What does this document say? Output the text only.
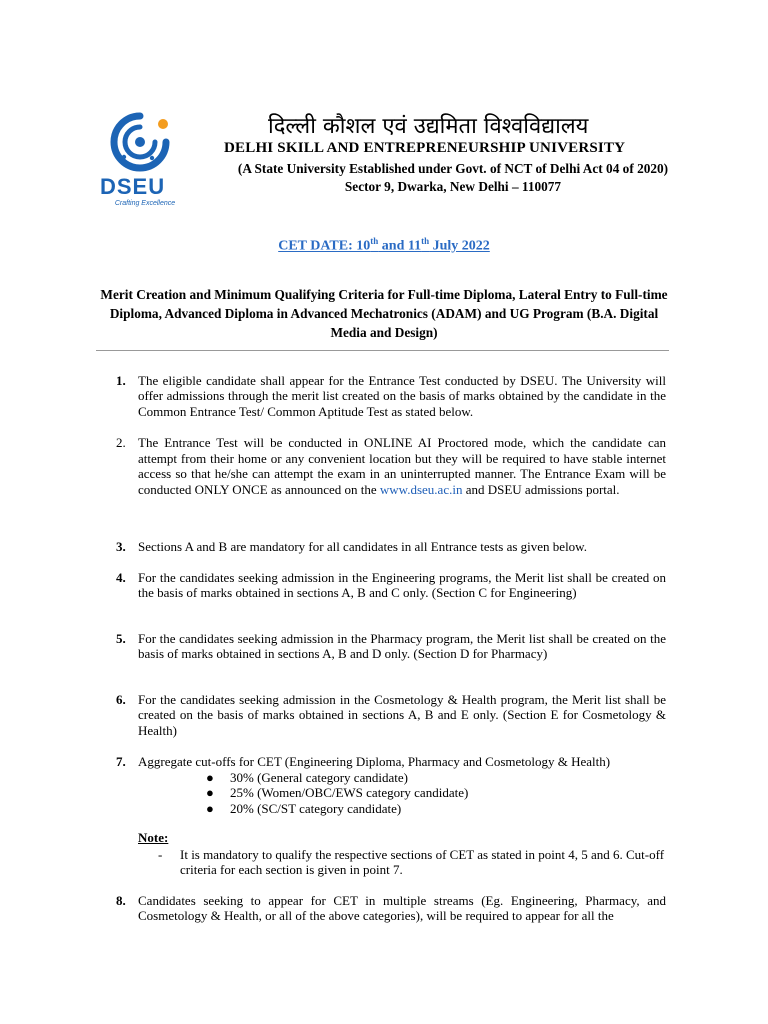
DSEU
Crafting Excellence
दिल्ली कौशल एवं उद्यमिता विश्वविद्यालय
DELHI SKILL AND ENTREPRENEURSHIP UNIVERSITY
(A State University Established under Govt. of NCT of Delhi Act 04 of 2020)
Sector 9, Dwarka, New Delhi – 110077
CET DATE: 10th and 11th July 2022
Merit Creation and Minimum Qualifying Criteria for Full-time Diploma, Lateral Entry to Full-time Diploma, Advanced Diploma in Advanced Mechatronics (ADAM) and UG Program (B.A. Digital Media and Design)
1. The eligible candidate shall appear for the Entrance Test conducted by DSEU. The University will offer admissions through the merit list created on the basis of marks obtained by the candidate in the Common Entrance Test/ Common Aptitude Test as stated below.
2. The Entrance Test will be conducted in ONLINE AI Proctored mode, which the candidate can attempt from their home or any convenient location but they will be required to have stable internet access so that he/she can attempt the exam in an uninterrupted manner. The Entrance Exam will be conducted ONLY ONCE as announced on the www.dseu.ac.in and DSEU admissions portal.
3. Sections A and B are mandatory for all candidates in all Entrance tests as given below.
4. For the candidates seeking admission in the Engineering programs, the Merit list shall be created on the basis of marks obtained in sections A, B and C only. (Section C for Engineering)
5. For the candidates seeking admission in the Pharmacy program, the Merit list shall be created on the basis of marks obtained in sections A, B and D only. (Section D for Pharmacy)
6. For the candidates seeking admission in the Cosmetology & Health program, the Merit list shall be created on the basis of marks obtained in sections A, B and E only. (Section E for Cosmetology & Health)
7. Aggregate cut-offs for CET (Engineering Diploma, Pharmacy and Cosmetology & Health)
● 30% (General category candidate)
● 25% (Women/OBC/EWS category candidate)
● 20% (SC/ST category candidate)
Note:
- It is mandatory to qualify the respective sections of CET as stated in point 4, 5 and 6. Cut-off criteria for each section is given in point 7.
8. Candidates seeking to appear for CET in multiple streams (Eg. Engineering, Pharmacy, and Cosmetology & Health, or all of the above categories), will be required to appear for all the
